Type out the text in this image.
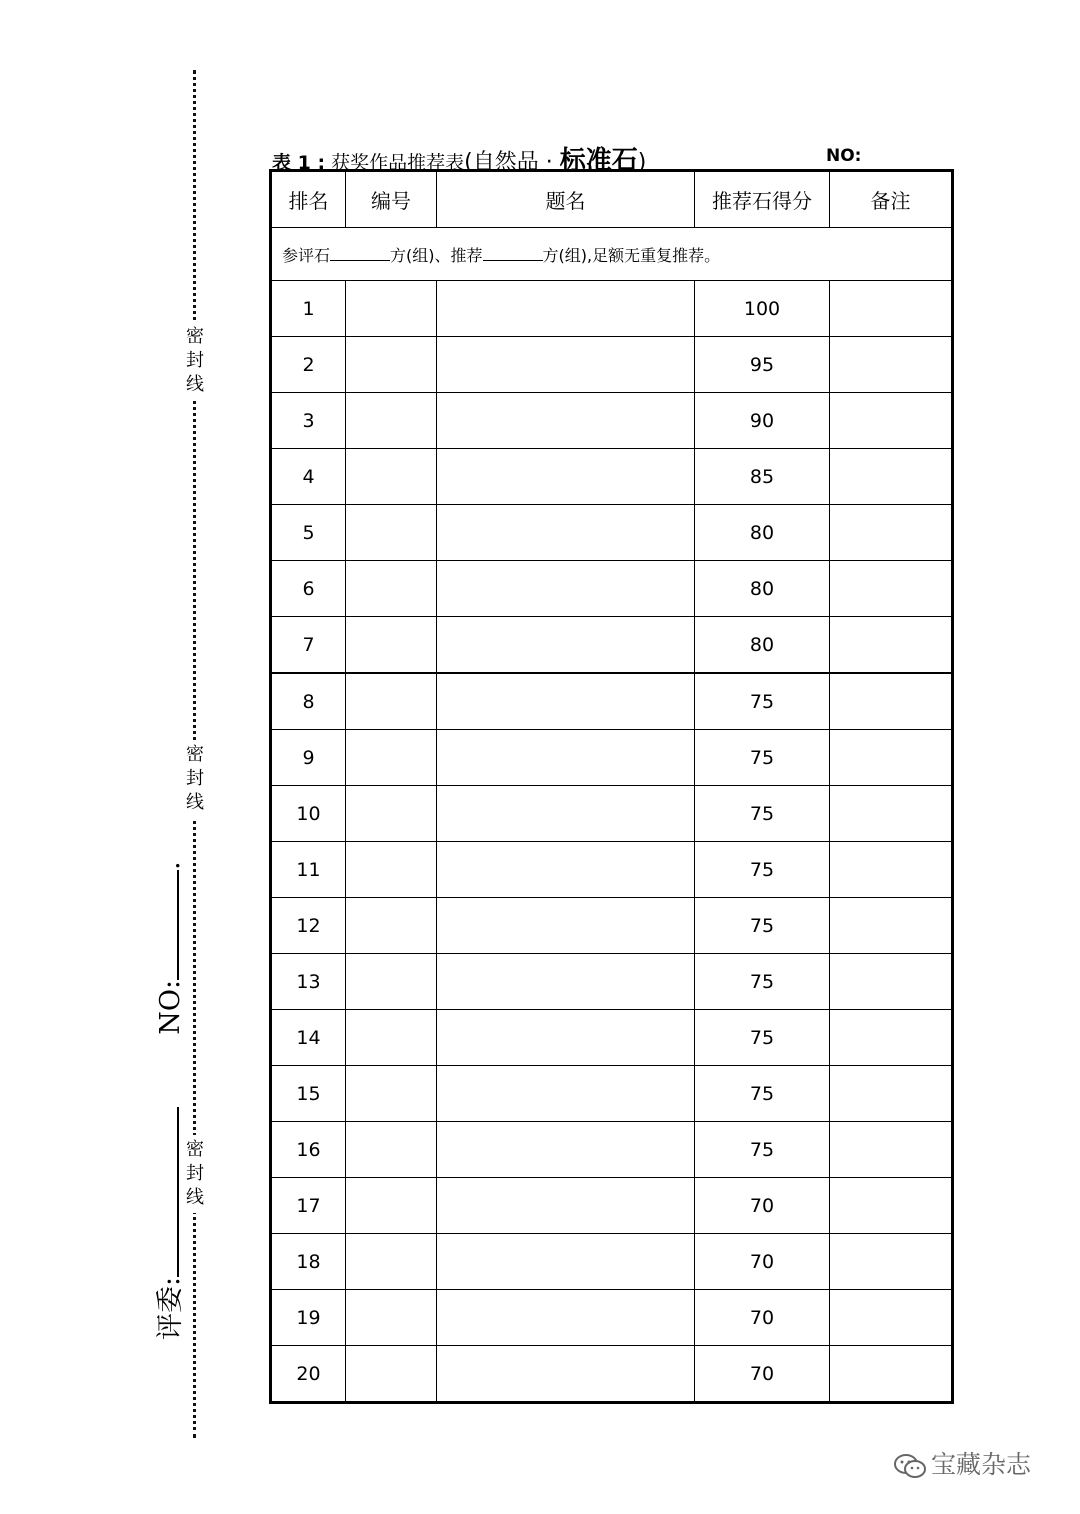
密
封
线
密
封
线
密
封
线
评委:  NO:.
表 1 : 获奖作品推荐表(自然品 · 标准石)	NO:
排名	编号	题名	推荐石得分	备注
参评石 方(组)、推荐 方(组),足额无重复推荐。				
1			100	
2			95	
3			90	
4			85	
5			80	
6			80	
7			80	
8			75	
9			75	
10			75	
11			75	
12			75	
13			75	
14			75	
15			75	
16			75	
17			70	
18			70	
19			70	
20			70	
宝藏杂志
